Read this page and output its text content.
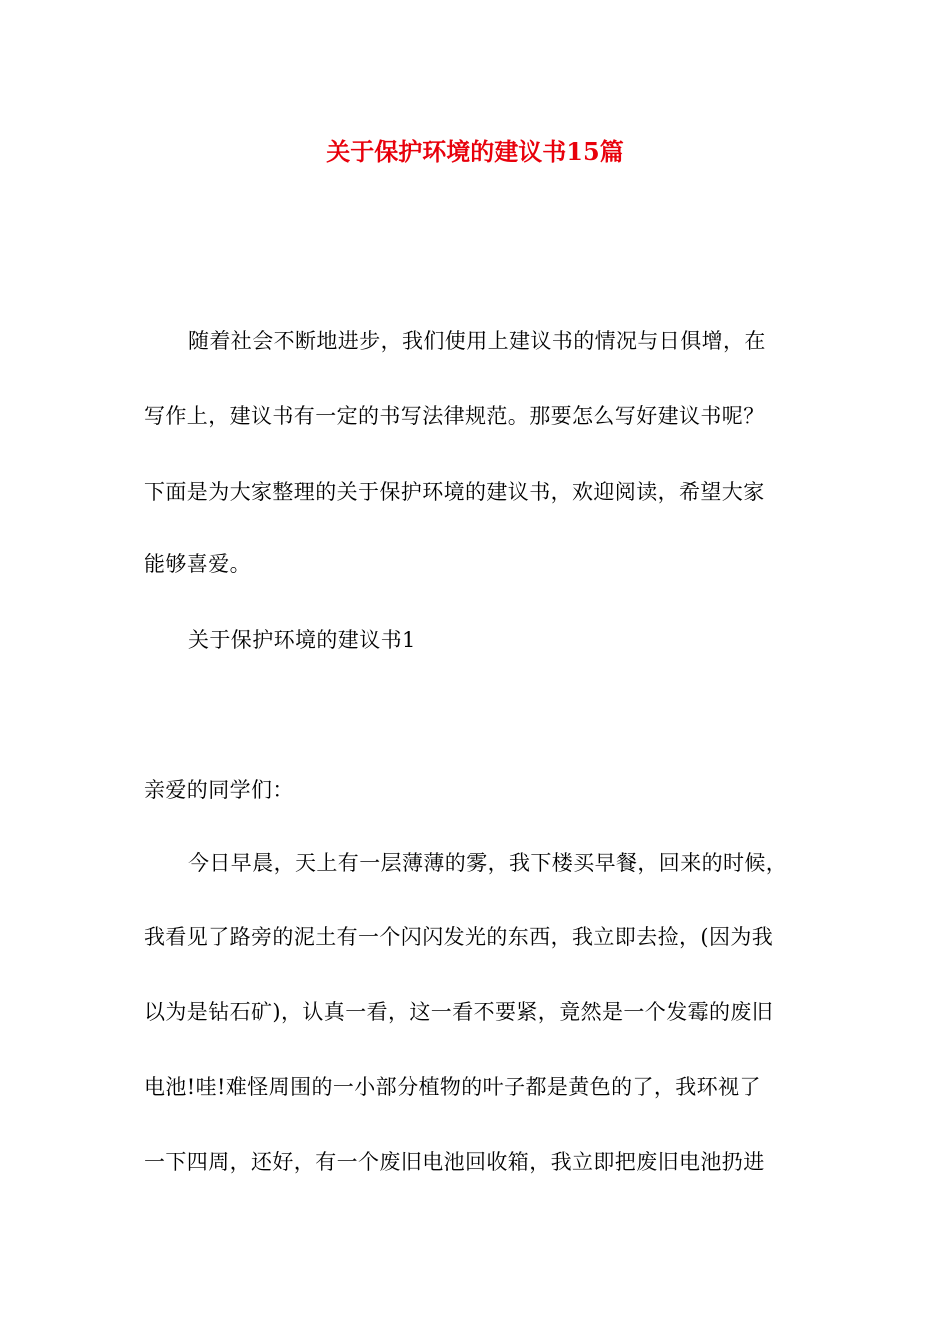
关于保护环境的建议书15篇
随着社会不断地进步，我们使用上建议书的情况与日俱增，在
写作上，建议书有一定的书写法律规范。那要怎么写好建议书呢？
下面是为大家整理的关于保护环境的建议书，欢迎阅读，希望大家
能够喜爱。
关于保护环境的建议书1
亲爱的同学们：
今日早晨，天上有一层薄薄的雾，我下楼买早餐，回来的时候，
我看见了路旁的泥土有一个闪闪发光的东西，我立即去捡，(因为我
以为是钻石矿)，认真一看，这一看不要紧，竟然是一个发霉的废旧
电池!哇!难怪周围的一小部分植物的叶子都是黄色的了，我环视了
一下四周，还好，有一个废旧电池回收箱，我立即把废旧电池扔进
